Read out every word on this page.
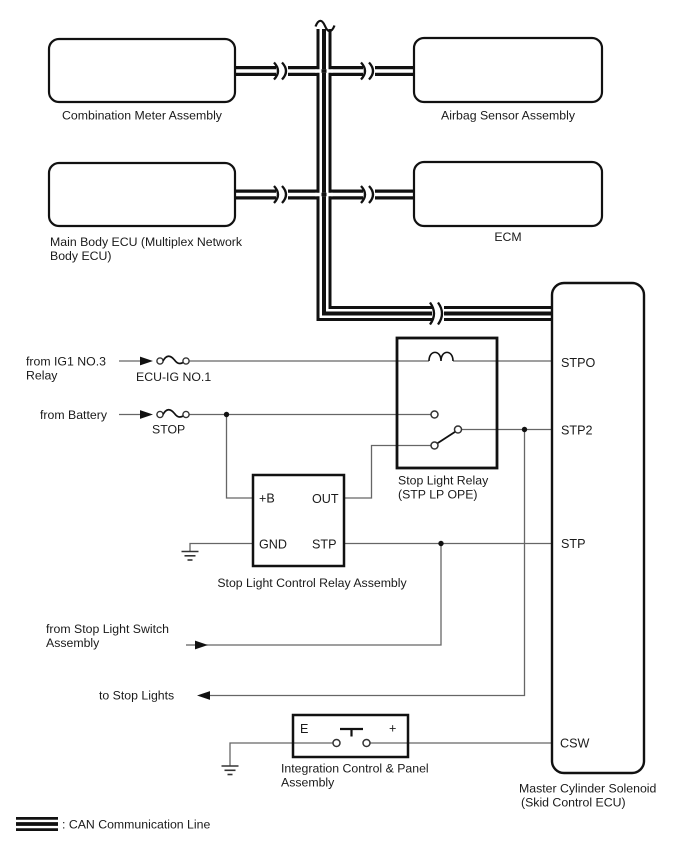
Combination Meter Assembly	Airbag Sensor Assembly
Main Body ECU (Multiplex Network
Body ECU)
ECM
from IG1 NO.3
Relay	ECU-IG NO.1
from Battery
STOP
STPO
STP2
STP
CSW
Stop Light Relay
(STP LP OPE)
+B	OUT
GND STP
Stop Light Control Relay Assembly
from Stop Light Switch
Assembly
to Stop Lights
E	+
Integration Control & Panel
Assembly	Master Cylinder Solenoid
(Skid Control ECU)
: CAN Communication Line
